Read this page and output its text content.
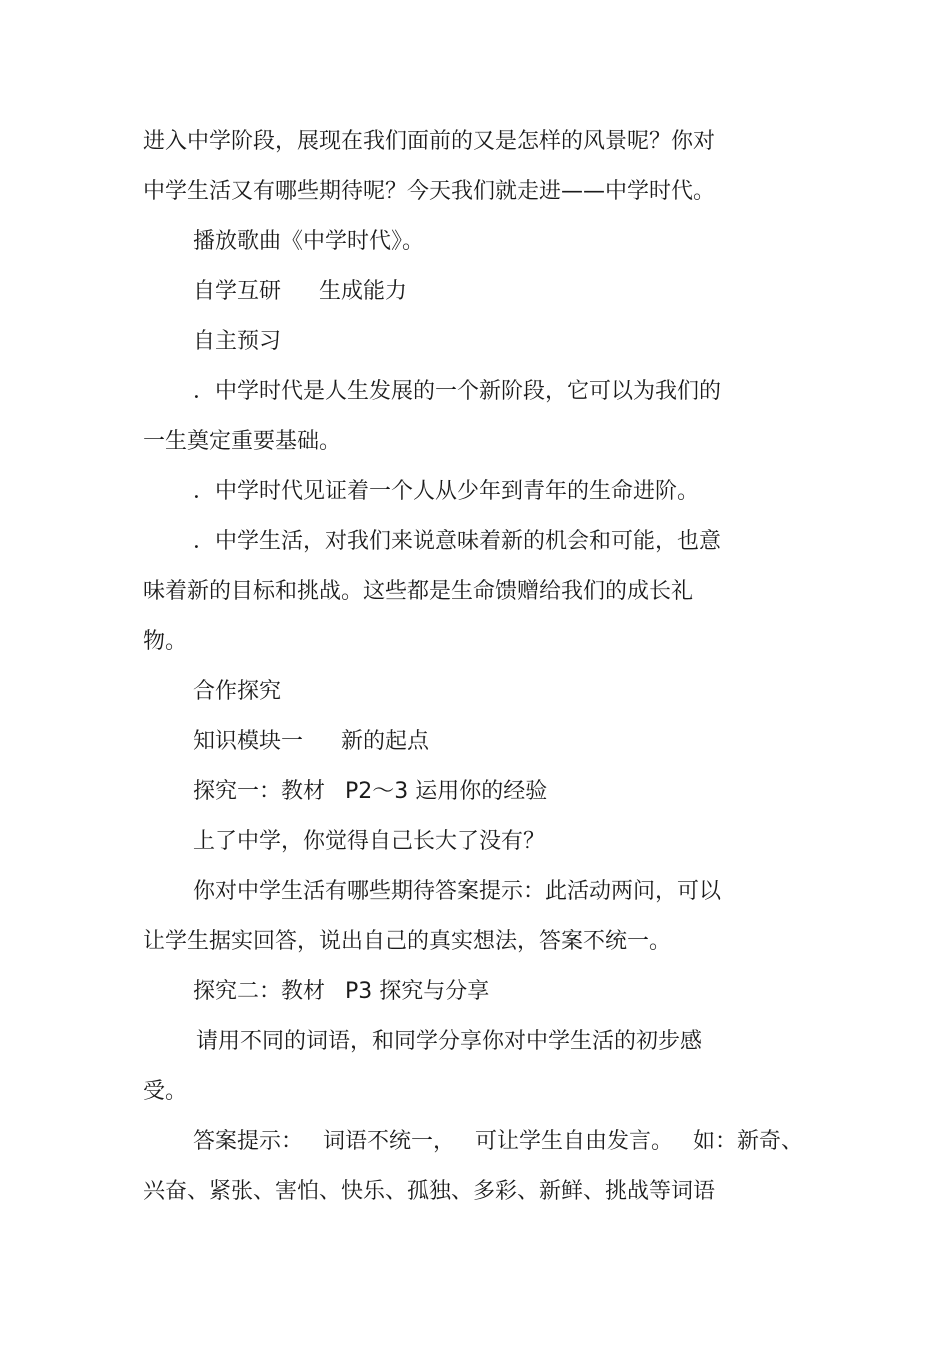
进入中学阶段，展现在我们面前的又是怎样的风景呢？你对
中学生活又有哪些期待呢？今天我们就走进——中学时代。
播放歌曲《中学时代》。
自学互研 生成能力
自主预习
．中学时代是人生发展的一个新阶段，它可以为我们的
一生奠定重要基础。
．中学时代见证着一个人从少年到青年的生命进阶。
．中学生活，对我们来说意味着新的机会和可能，也意
味着新的目标和挑战。这些都是生命馈赠给我们的成长礼
物。
合作探究
知识模块一 新的起点
探究一：教材 P2～3 运用你的经验
上了中学，你觉得自己长大了没有？
你对中学生活有哪些期待答案提示：此活动两问，可以
让学生据实回答，说出自己的真实想法，答案不统一。
探究二：教材 P3 探究与分享
请用不同的词语，和同学分享你对中学生活的初步感
受。
答案提示： 词语不统一， 可让学生自由发言。 如：新奇、
兴奋、紧张、害怕、快乐、孤独、多彩、新鲜、挑战等词语
